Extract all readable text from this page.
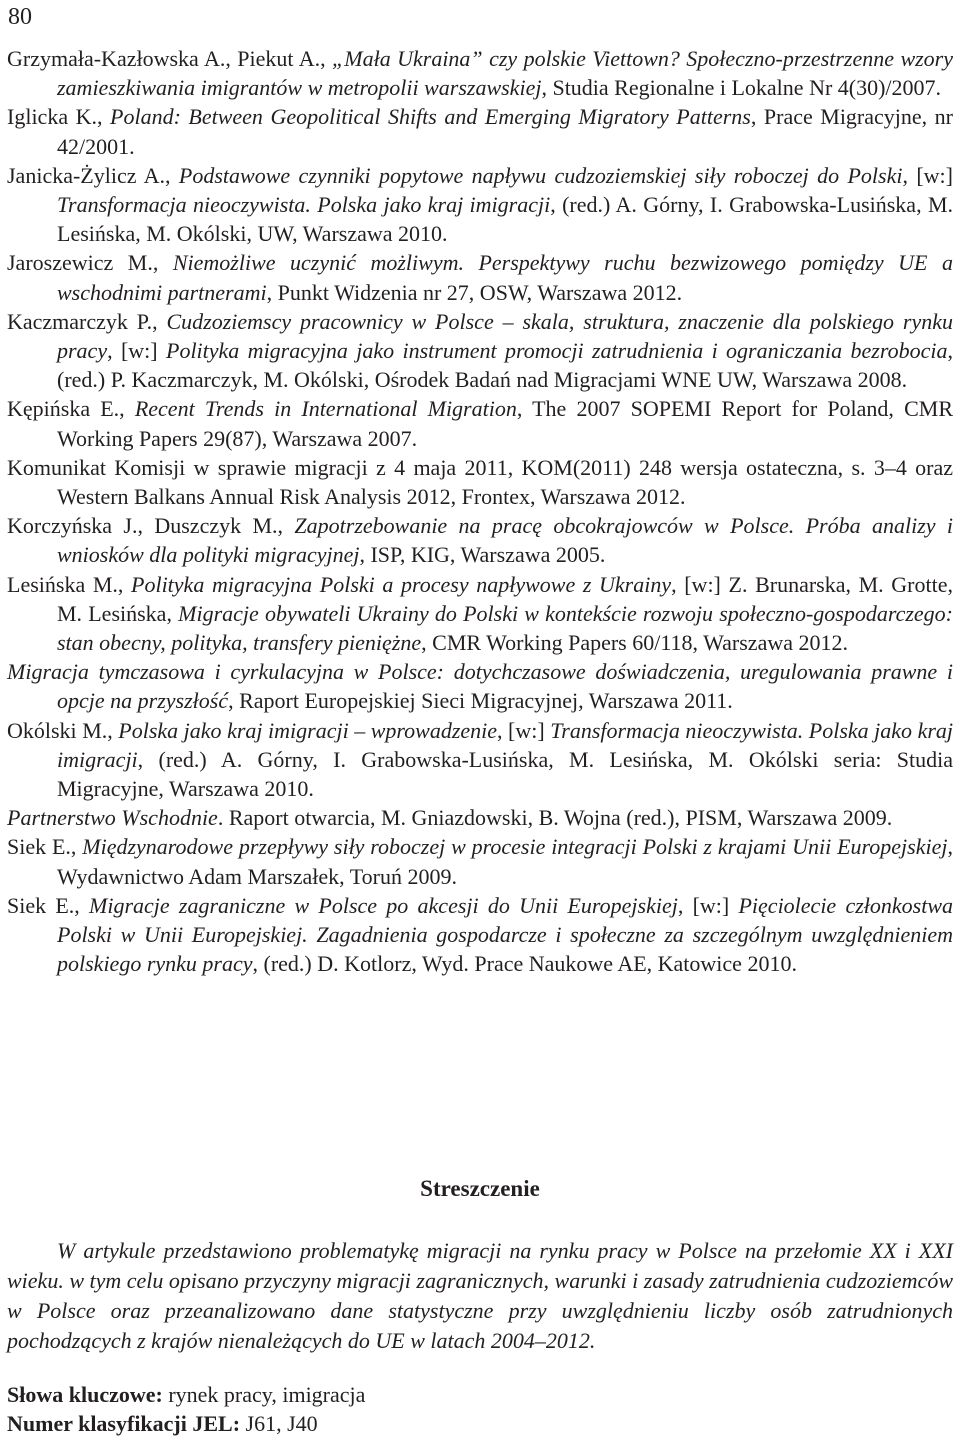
80

Grzymała-Kazłowska A., Piekut A., „Mała Ukraina” czy polskie Viettown? Społeczno-przestrzenne wzory zamieszkiwania imigrantów w metropolii warszawskiej, Studia Regionalne i Lokalne Nr 4(30)/2007.

Iglicka K., Poland: Between Geopolitical Shifts and Emerging Migratory Patterns, Prace Migracyjne, nr 42/2001.

Janicka-Żylicz A., Podstawowe czynniki popytowe napływu cudzoziemskiej siły roboczej do Polski, [w:] Transformacja nieoczywista. Polska jako kraj imigracji, (red.) A. Górny, I. Grabowska-Lusińska, M. Lesińska, M. Okólski, UW, Warszawa 2010.

Jaroszewicz M., Niemożliwe uczynić możliwym. Perspektywy ruchu bezwizowego pomiędzy UE a wschodnimi partnerami, Punkt Widzenia nr 27, OSW, Warszawa 2012.

Kaczmarczyk P., Cudzoziemscy pracownicy w Polsce – skala, struktura, znaczenie dla polskiego rynku pracy, [w:] Polityka migracyjna jako instrument promocji zatrudnienia i ograniczania bezrobocia, (red.) P. Kaczmarczyk, M. Okólski, Ośrodek Badań nad Migracjami WNE UW, Warszawa 2008.

Kępińska E., Recent Trends in International Migration, The 2007 SOPEMI Report for Poland, CMR Working Papers 29(87), Warszawa 2007.

Komunikat Komisji w sprawie migracji z 4 maja 2011, KOM(2011) 248 wersja ostateczna, s. 3–4 oraz Western Balkans Annual Risk Analysis 2012, Frontex, Warszawa 2012.

Korczyńska J., Duszczyk M., Zapotrzebowanie na pracę obcokrajowców w Polsce. Próba analizy i wniosków dla polityki migracyjnej, ISP, KIG, Warszawa 2005.

Lesińska M., Polityka migracyjna Polski a procesy napływowe z Ukrainy, [w:] Z. Brunarska, M. Grotte, M. Lesińska, Migracje obywateli Ukrainy do Polski w kontekście rozwoju społeczno-gospodarczego: stan obecny, polityka, transfery pieniężne, CMR Working Papers 60/118, Warszawa 2012.

Migracja tymczasowa i cyrkulacyjna w Polsce: dotychczasowe doświadczenia, uregulowania prawne i opcje na przyszłość, Raport Europejskiej Sieci Migracyjnej, Warszawa 2011.

Okólski M., Polska jako kraj imigracji – wprowadzenie, [w:] Transformacja nieoczywista. Polska jako kraj imigracji, (red.) A. Górny, I. Grabowska-Lusińska, M. Lesińska, M. Okólski seria: Studia Migracyjne, Warszawa 2010.

Partnerstwo Wschodnie. Raport otwarcia, M. Gniazdowski, B. Wojna (red.), PISM, Warszawa 2009.

Siek E., Międzynarodowe przepływy siły roboczej w procesie integracji Polski z krajami Unii Europejskiej, Wydawnictwo Adam Marszałek, Toruń 2009.

Siek E., Migracje zagraniczne w Polsce po akcesji do Unii Europejskiej, [w:] Pięciolecie członkostwa Polski w Unii Europejskiej. Zagadnienia gospodarcze i społeczne za szczególnym uwzględnieniem polskiego rynku pracy, (red.) D. Kotlorz, Wyd. Prace Naukowe AE, Katowice 2010.

Streszczenie

W artykule przedstawiono problematykę migracji na rynku pracy w Polsce na przełomie XX i XXI wieku. w tym celu opisano przyczyny migracji zagranicznych, warunki i zasady zatrudnienia cudzoziemców w Polsce oraz przeanalizowano dane statystyczne przy uwzględnieniu liczby osób zatrudnionych pochodzących z krajów nienależących do UE w latach 2004–2012.

Słowa kluczowe: rynek pracy, imigracja
Numer klasyfikacji JEL: J61, J40
